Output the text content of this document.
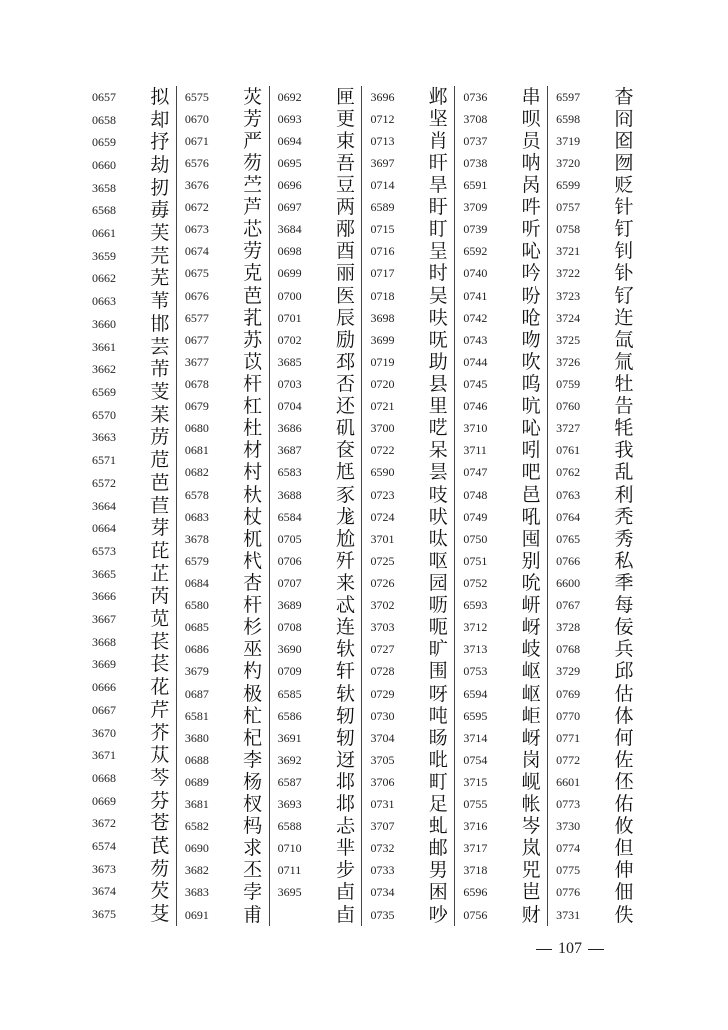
0657 拟
0658 却
0659 抒
0660 劫
3658 扨
6568 毐
0661 芙
3659 芫
0662 芜
0663 苇
3660 邯
3661 芸
3662 芾
6569 芰
6570 苿
3663 苈
6571 苊
6572 芭
3664 苣
0664 芽
6573 芘
3665 芷
3666 芮
3667 苋
3668 苌
3669 苌
0666 花
0667 芹
3670 芥
3671 苁
0668 芩
0669 芬
3672 苍
6574 芪
3673 芴
3674 芡
3675 芟
6575 苂
0670 芳
0671 严
6576 芴
3676 苎
0672 芦
0673 芯
0674 劳
0675 克
0676 芭
6577 芤
0677 苏
3677 苡
0678 杆
0679 杠
0680 杜
0681 材
0682 村
6578 杕
0683 杖
3678 杌
6579 杙
0684 杏
6580 杆
0685 杉
0686 巫
3679 杓
0687 极
6581 杧
3680 杞
0688 李
0689 杨
3681 杈
6582 杩
0690 求
3682 丕
3683 孛
0691 甫
0692 匣
0693 更
0694 束
0695 吾
0696 豆
0697 两
3684 邴
0698 酉
0699 丽
0700 医
0701 辰
0702 励
3685 邳
0703 否
0704 还
3686 矶
3687 奁
6583 尪
3688 豕
6584 尨
0705 尬
0706 歼
0707 来
3689 忒
0708 连
3690 轪
0709 轩
6585 轪
6586 轫
3691 轫
3692 迓
6587 邶
3693 邶
6588 忐
0710 芈
0711 步
3695 卣
卣
3696 邺
0712 坚
0713 肖
3697 旰
0714 旱
6589 盱
0715 盯
0716 呈
0717 时
0718 吴
3698 呋
3699 呒
0719 助
0720 县
0721 里
3700 呓
0722 呆
6590 昙
0723 吱
0724 吠
3701 呔
0725 呕
0726 园
3702 呖
3703 呃
0727 旷
0728 围
0729 呀
0730 吨
3704 旸
3705 吡
3706 町
0731 足
3707 虬
0732 邮
0733 男
0734 困
0735 吵
0736 串
3708 呗
0737 员
0738 呐
6591 呙
3709 吽
0739 听
6592 吣
0740 吟
0741 吩
0742 呛
0743 吻
0744 吹
0745 呜
0746 吭
3710 吣
3711 吲
0747 吧
0748 邑
0749 吼
0750 囤
0751 别
0752 吮
6593 岍
3712 岈
3713 岐
0753 岖
6594 岖
6595 岠
3714 岈
0754 岗
3715 岘
0755 帐
3716 岑
3717 岚
3718 兕
6596 岜
0756 财
6597 杳
6598 冏
3719 囵
3720 囫
6599 贬
0757 针
0758 钉
3721 钊
3722 钋
3723 钌
3724 迕
3725 氙
3726 氚
0759 牡
0760 告
3727 牦
0761 我
0762 乱
0763 利
0764 秃
0765 秀
0766 私
6600 秊
0767 每
3728 佞
0768 兵
3729 邱
0769 估
0770 体
0771 何
0772 佐
6601 伾
0773 佑
3730 攸
0774 但
0775 伸
0776 佃
3731 佚
107
